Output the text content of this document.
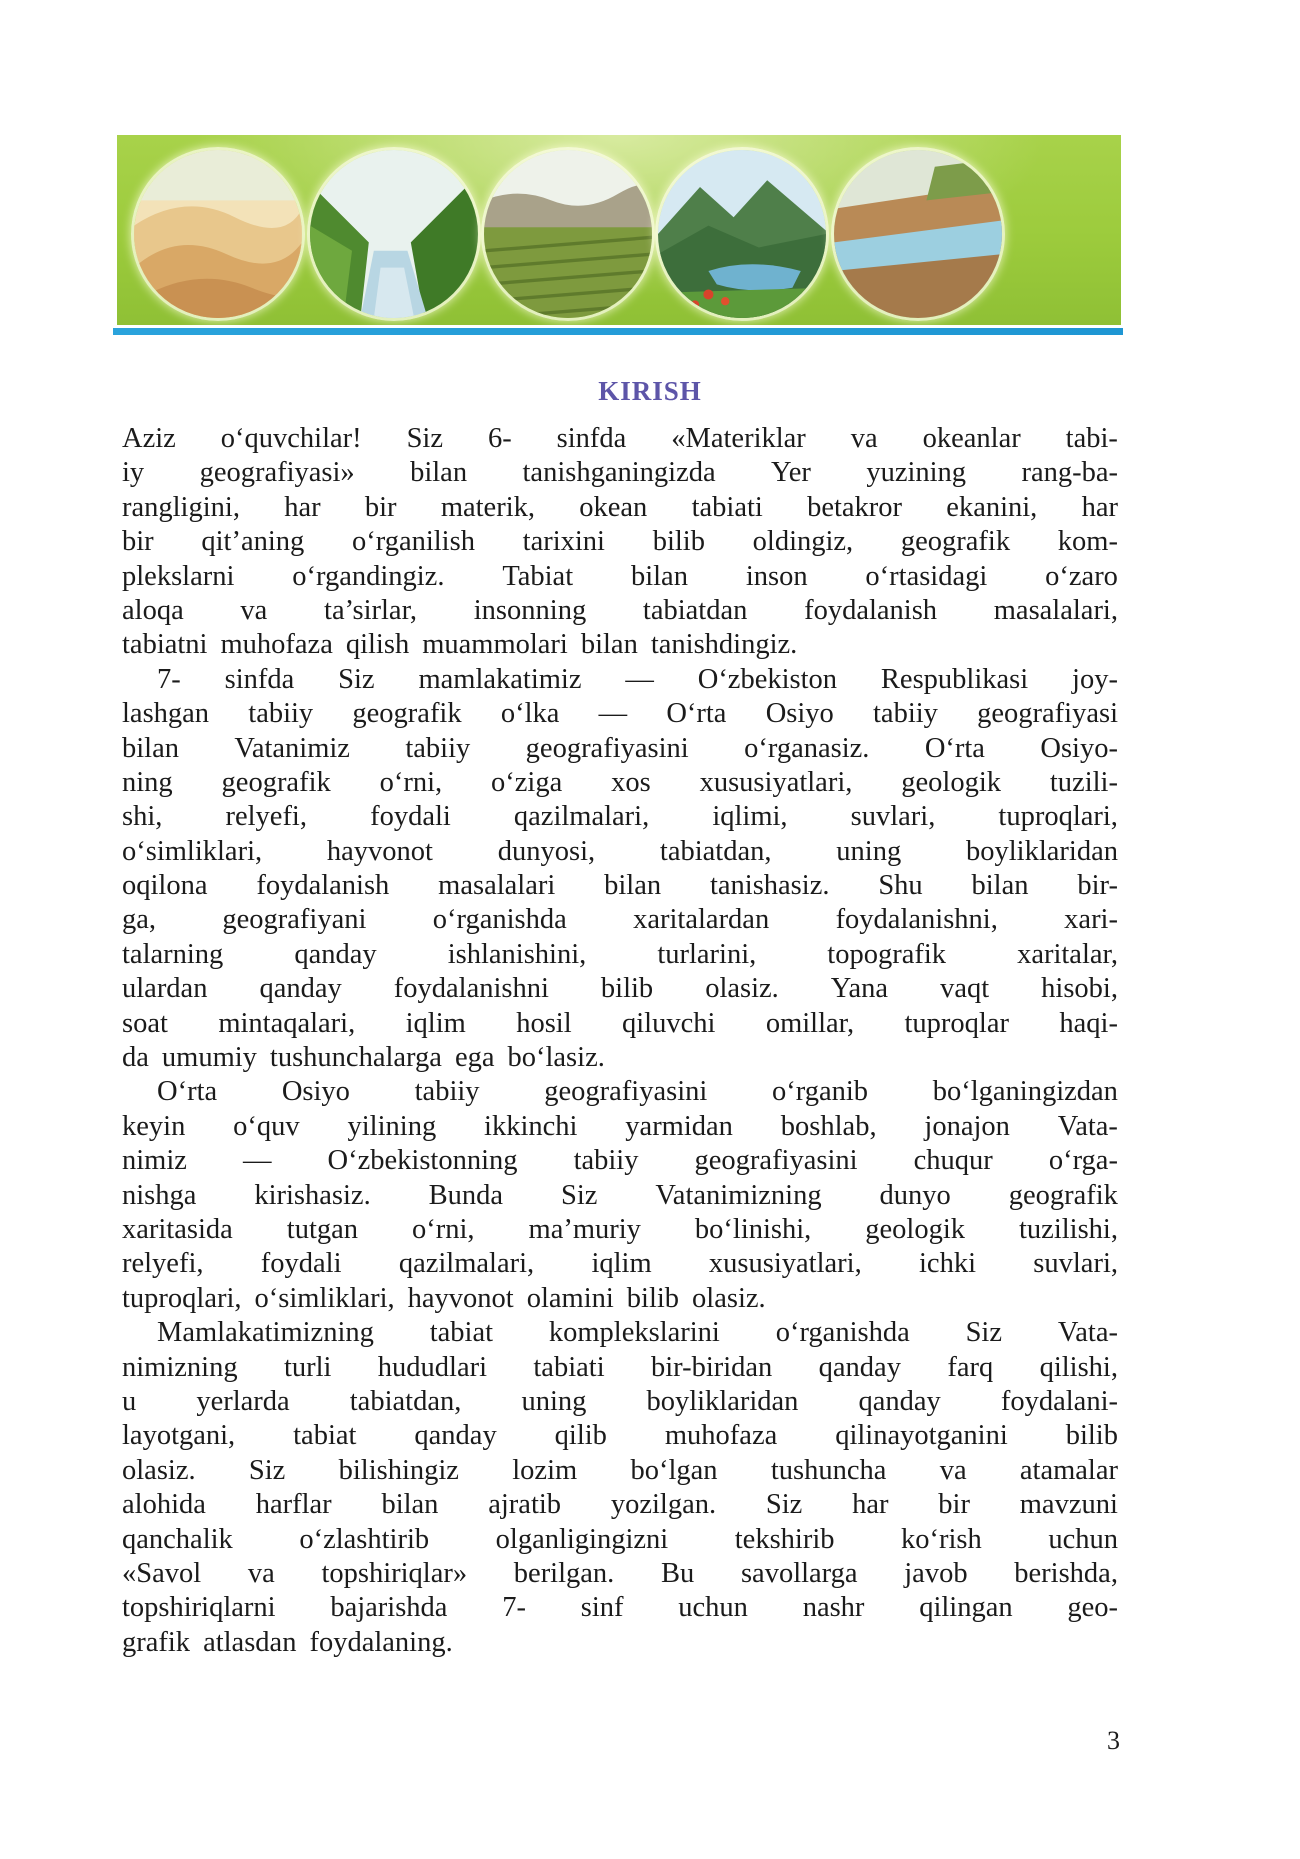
KIRISH
Aziz o‘quvchilar! Siz 6- sinfda «Materiklar va okeanlar tabi-
iy geografiyasi» bilan tanishganingizda Yer yuzining rang-ba-
rangligini, har bir materik, okean tabiati betakror ekanini, har
bir qit’aning o‘rganilish tarixini bilib oldingiz, geografik kom-
plekslarni o‘rgandingiz. Tabiat bilan inson o‘rtasidagi o‘zaro
aloqa va ta’sirlar, insonning tabiatdan foydalanish masalalari,
tabiatni muhofaza qilish muammolari bilan tanishdingiz.
7- sinfda Siz mamlakatimiz — O‘zbekiston Respublikasi joy-
lashgan tabiiy geografik o‘lka — O‘rta Osiyo tabiiy geografiyasi
bilan Vatanimiz tabiiy geografiyasini o‘rganasiz. O‘rta Osiyo-
ning geografik o‘rni, o‘ziga xos xususiyatlari, geologik tuzili-
shi, relyefi, foydali qazilmalari, iqlimi, suvlari, tuproqlari,
o‘simliklari, hayvonot dunyosi, tabiatdan, uning boyliklaridan
oqilona foydalanish masalalari bilan tanishasiz. Shu bilan bir-
ga, geografiyani o‘rganishda xaritalardan foydalanishni, xari-
talarning qanday ishlanishini, turlarini, topografik xaritalar,
ulardan qanday foydalanishni bilib olasiz. Yana vaqt hisobi,
soat mintaqalari, iqlim hosil qiluvchi omillar, tuproqlar haqi-
da umumiy tushunchalarga ega bo‘lasiz.
O‘rta Osiyo tabiiy geografiyasini o‘rganib bo‘lganingizdan
keyin o‘quv yilining ikkinchi yarmidan boshlab, jonajon Vata-
nimiz — O‘zbekistonning tabiiy geografiyasini chuqur o‘rga-
nishga kirishasiz. Bunda Siz Vatanimizning dunyo geografik
xaritasida tutgan o‘rni, ma’muriy bo‘linishi, geologik tuzilishi,
relyefi, foydali qazilmalari, iqlim xususiyatlari, ichki suvlari,
tuproqlari, o‘simliklari, hayvonot olamini bilib olasiz.
Mamlakatimizning tabiat komplekslarini o‘rganishda Siz Vata-
nimizning turli hududlari tabiati bir-biridan qanday farq qilishi,
u yerlarda tabiatdan, uning boyliklaridan qanday foydalani-
layotgani, tabiat qanday qilib muhofaza qilinayotganini bilib
olasiz. Siz bilishingiz lozim bo‘lgan tushuncha va atamalar
alohida harflar bilan ajratib yozilgan. Siz har bir mavzuni
qanchalik o‘zlashtirib olganligingizni tekshirib ko‘rish uchun
«Savol va topshiriqlar» berilgan. Bu savollarga javob berishda,
topshiriqlarni bajarishda 7- sinf uchun nashr qilingan geo-
grafik atlasdan foydalaning.
3
